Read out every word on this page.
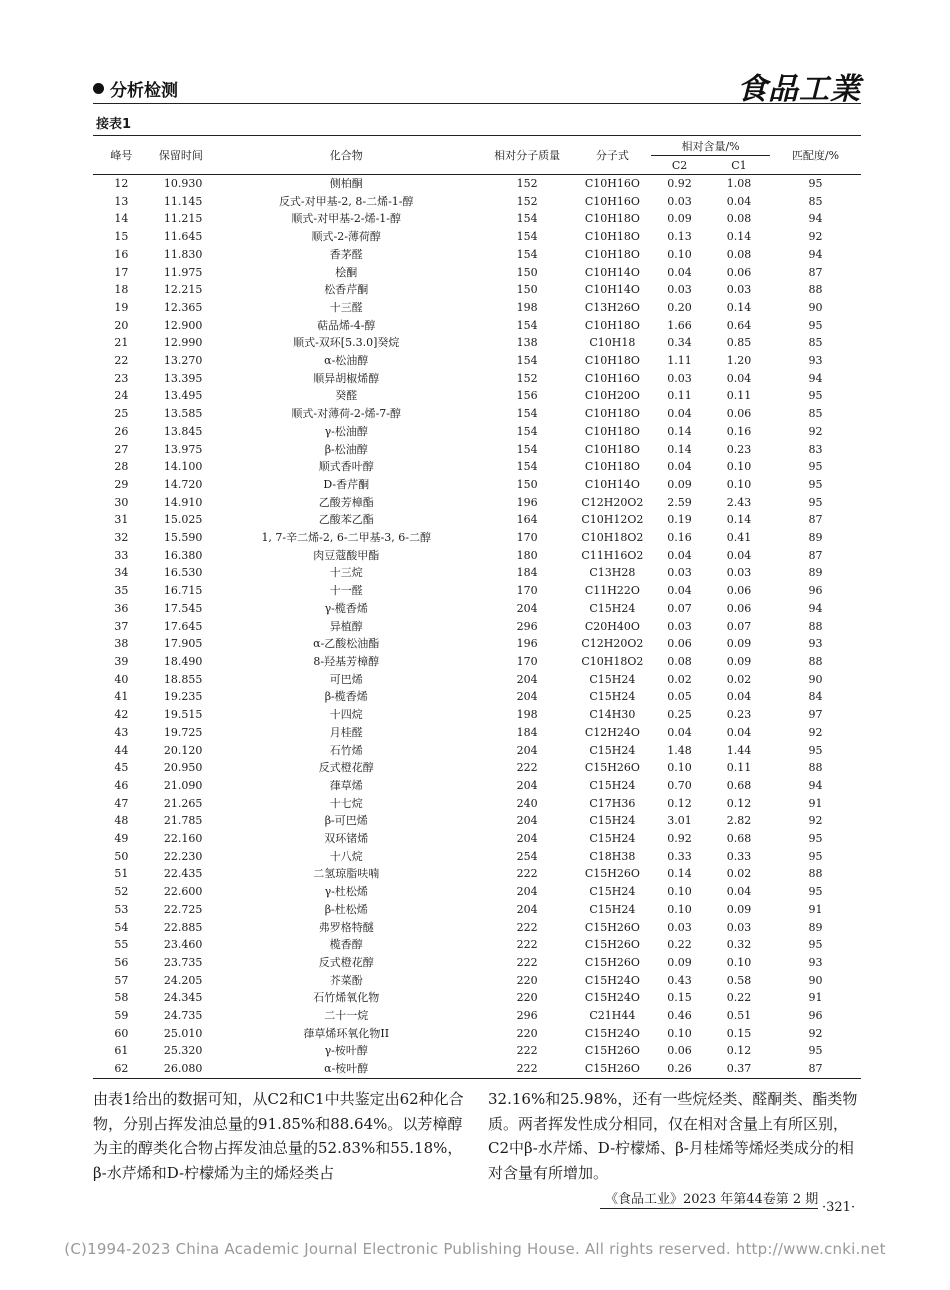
分析检测	食品工業
接表1
峰号	保留时间	化合物	相对分子质量	分子式	相对含量/%		匹配度/%
					C2	C1	
12	10.930	侧柏酮	152	C10H16O	0.92	1.08	95
13	11.145	反式-对甲基-2, 8-二烯-1-醇	152	C10H16O	0.03	0.04	85
14	11.215	顺式-对甲基-2-烯-1-醇	154	C10H18O	0.09	0.08	94
15	11.645	顺式-2-薄荷醇	154	C10H18O	0.13	0.14	92
16	11.830	香茅醛	154	C10H18O	0.10	0.08	94
17	11.975	桧酮	150	C10H14O	0.04	0.06	87
18	12.215	松香芹酮	150	C10H14O	0.03	0.03	88
19	12.365	十三醛	198	C13H26O	0.20	0.14	90
20	12.900	萜品烯-4-醇	154	C10H18O	1.66	0.64	95
21	12.990	顺式-双环[5.3.0]癸烷	138	C10H18	0.34	0.85	85
22	13.270	α-松油醇	154	C10H18O	1.11	1.20	93
23	13.395	顺异胡椒烯醇	152	C10H16O	0.03	0.04	94
24	13.495	癸醛	156	C10H20O	0.11	0.11	95
25	13.585	顺式-对薄荷-2-烯-7-醇	154	C10H18O	0.04	0.06	85
26	13.845	γ-松油醇	154	C10H18O	0.14	0.16	92
27	13.975	β-松油醇	154	C10H18O	0.14	0.23	83
28	14.100	顺式香叶醇	154	C10H18O	0.04	0.10	95
29	14.720	D-香芹酮	150	C10H14O	0.09	0.10	95
30	14.910	乙酸芳樟酯	196	C12H20O2	2.59	2.43	95
31	15.025	乙酸苯乙酯	164	C10H12O2	0.19	0.14	87
32	15.590	1, 7-辛二烯-2, 6-二甲基-3, 6-二醇	170	C10H18O2	0.16	0.41	89
33	16.380	肉豆蔻酸甲酯	180	C11H16O2	0.04	0.04	87
34	16.530	十三烷	184	C13H28	0.03	0.03	89
35	16.715	十一醛	170	C11H22O	0.04	0.06	96
36	17.545	γ-榄香烯	204	C15H24	0.07	0.06	94
37	17.645	异植醇	296	C20H40O	0.03	0.07	88
38	17.905	α-乙酸松油酯	196	C12H20O2	0.06	0.09	93
39	18.490	8-羟基芳樟醇	170	C10H18O2	0.08	0.09	88
40	18.855	可巴烯	204	C15H24	0.02	0.02	90
41	19.235	β-榄香烯	204	C15H24	0.05	0.04	84
42	19.515	十四烷	198	C14H30	0.25	0.23	97
43	19.725	月桂醛	184	C12H24O	0.04	0.04	92
44	20.120	石竹烯	204	C15H24	1.48	1.44	95
45	20.950	反式橙花醇	222	C15H26O	0.10	0.11	88
46	21.090	葎草烯	204	C15H24	0.70	0.68	94
47	21.265	十七烷	240	C17H36	0.12	0.12	91
48	21.785	β-可巴烯	204	C15H24	3.01	2.82	92
49	22.160	双环锗烯	204	C15H24	0.92	0.68	95
50	22.230	十八烷	254	C18H38	0.33	0.33	95
51	22.435	二氢琼脂呋喃	222	C15H26O	0.14	0.02	88
52	22.600	γ-杜松烯	204	C15H24	0.10	0.04	95
53	22.725	β-杜松烯	204	C15H24	0.10	0.09	91
54	22.885	弗罗格特醚	222	C15H26O	0.03	0.03	89
55	23.460	榄香醇	222	C15H26O	0.22	0.32	95
56	23.735	反式橙花醇	222	C15H26O	0.09	0.10	93
57	24.205	芥菜酚	220	C15H24O	0.43	0.58	90
58	24.345	石竹烯氧化物	220	C15H24O	0.15	0.22	91
59	24.735	二十一烷	296	C21H44	0.46	0.51	96
60	25.010	葎草烯环氧化物II	220	C15H24O	0.10	0.15	92
61	25.320	γ-桉叶醇	222	C15H26O	0.06	0.12	95
62	26.080	α-桉叶醇	222	C15H26O	0.26	0.37	87
由表1给出的数据可知，从C2和C1中共鉴定出62种化合物，分别占挥发油总量的91.85%和88.64%。以芳樟醇为主的醇类化合物占挥发油总量的52.83%和55.18%，β-水芹烯和D-柠檬烯为主的烯烃类占
32.16%和25.98%，还有一些烷烃类、醛酮类、酯类物质。两者挥发性成分相同，仅在相对含量上有所区别，C2中β-水芹烯、D-柠檬烯、β-月桂烯等烯烃类成分的相对含量有所增加。
《食品工业》2023 年第44卷第 2 期
·321·
(C)1994-2023 China Academic Journal Electronic Publishing House. All rights reserved. http://www.cnki.net
